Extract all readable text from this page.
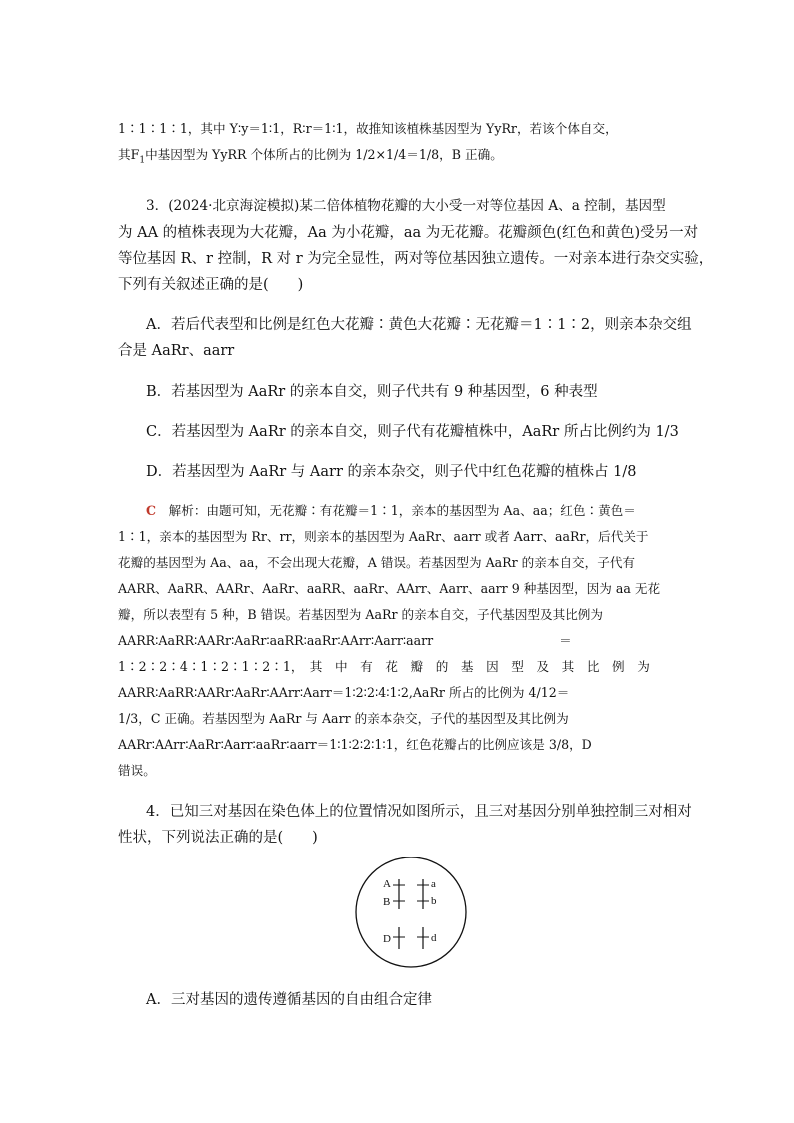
1∶1∶1∶1，其中 Y∶y＝1∶1，R∶r＝1∶1，故推知该植株基因型为 YyRr，若该个体自交，
其$F_1$中基因型为 YyRR 个体所占的比例为 1/2×1/4＝1/8，B 正确。
3．(2024·北京海淀模拟)某二倍体植物花瓣的大小受一对等位基因 A、a 控制，基因型
为 AA 的植株表现为大花瓣，Aa 为小花瓣，aa 为无花瓣。花瓣颜色(红色和黄色)受另一对
等位基因 R、r 控制，R 对 r 为完全显性，两对等位基因独立遗传。一对亲本进行杂交实验，
下列有关叙述正确的是(　　)
A．若后代表型和比例是红色大花瓣∶黄色大花瓣∶无花瓣＝1∶1∶2，则亲本杂交组
合是 AaRr、aarr
B．若基因型为 AaRr 的亲本自交，则子代共有 9 种基因型，6 种表型
C．若基因型为 AaRr 的亲本自交，则子代有花瓣植株中，AaRr 所占比例约为 1/3
D．若基因型为 AaRr 与 Aarr 的亲本杂交，则子代中红色花瓣的植株占 1/8
C　 解析：由题可知，无花瓣∶有花瓣＝1∶1，亲本的基因型为 Aa、aa；红色∶黄色＝
1∶1，亲本的基因型为 Rr、rr，则亲本的基因型为 AaRr、aarr 或者 Aarr、aaRr，后代关于
花瓣的基因型为 Aa、aa，不会出现大花瓣，A 错误。若基因型为 AaRr 的亲本自交，子代有
AARR、AaRR、AARr、AaRr、aaRR、aaRr、AArr、Aarr、aarr 9 种基因型，因为 aa 无花
瓣，所以表型有 5 种，B 错误。若基因型为 AaRr 的亲本自交，子代基因型及其比例为
AARR∶AaRR∶AARr∶AaRr∶aaRR∶aaRr∶AArr∶Aarr∶aarr　　　　　　　　　　＝
1∶2∶2∶4∶1∶2∶1∶2∶1，　其　中　有　花　瓣　的　基　因　型　及　其　比　例　为
AARR∶AaRR∶AARr∶AaRr∶AArr∶Aarr＝1∶2∶2∶4∶1∶2,AaRr 所占的比例为 4/12＝
1/3，C 正确。若基因型为 AaRr 与 Aarr 的亲本杂交，子代的基因型及其比例为
AARr∶AArr∶AaRr∶Aarr∶aaRr∶aarr＝1∶1∶2∶2∶1∶1，红色花瓣占的比例应该是 3/8，D
错误。
4．已知三对基因在染色体上的位置情况如图所示，且三对基因分别单独控制三对相对
性状，下列说法正确的是(　　)
A	a
B	b
D	d
A．三对基因的遗传遵循基因的自由组合定律
